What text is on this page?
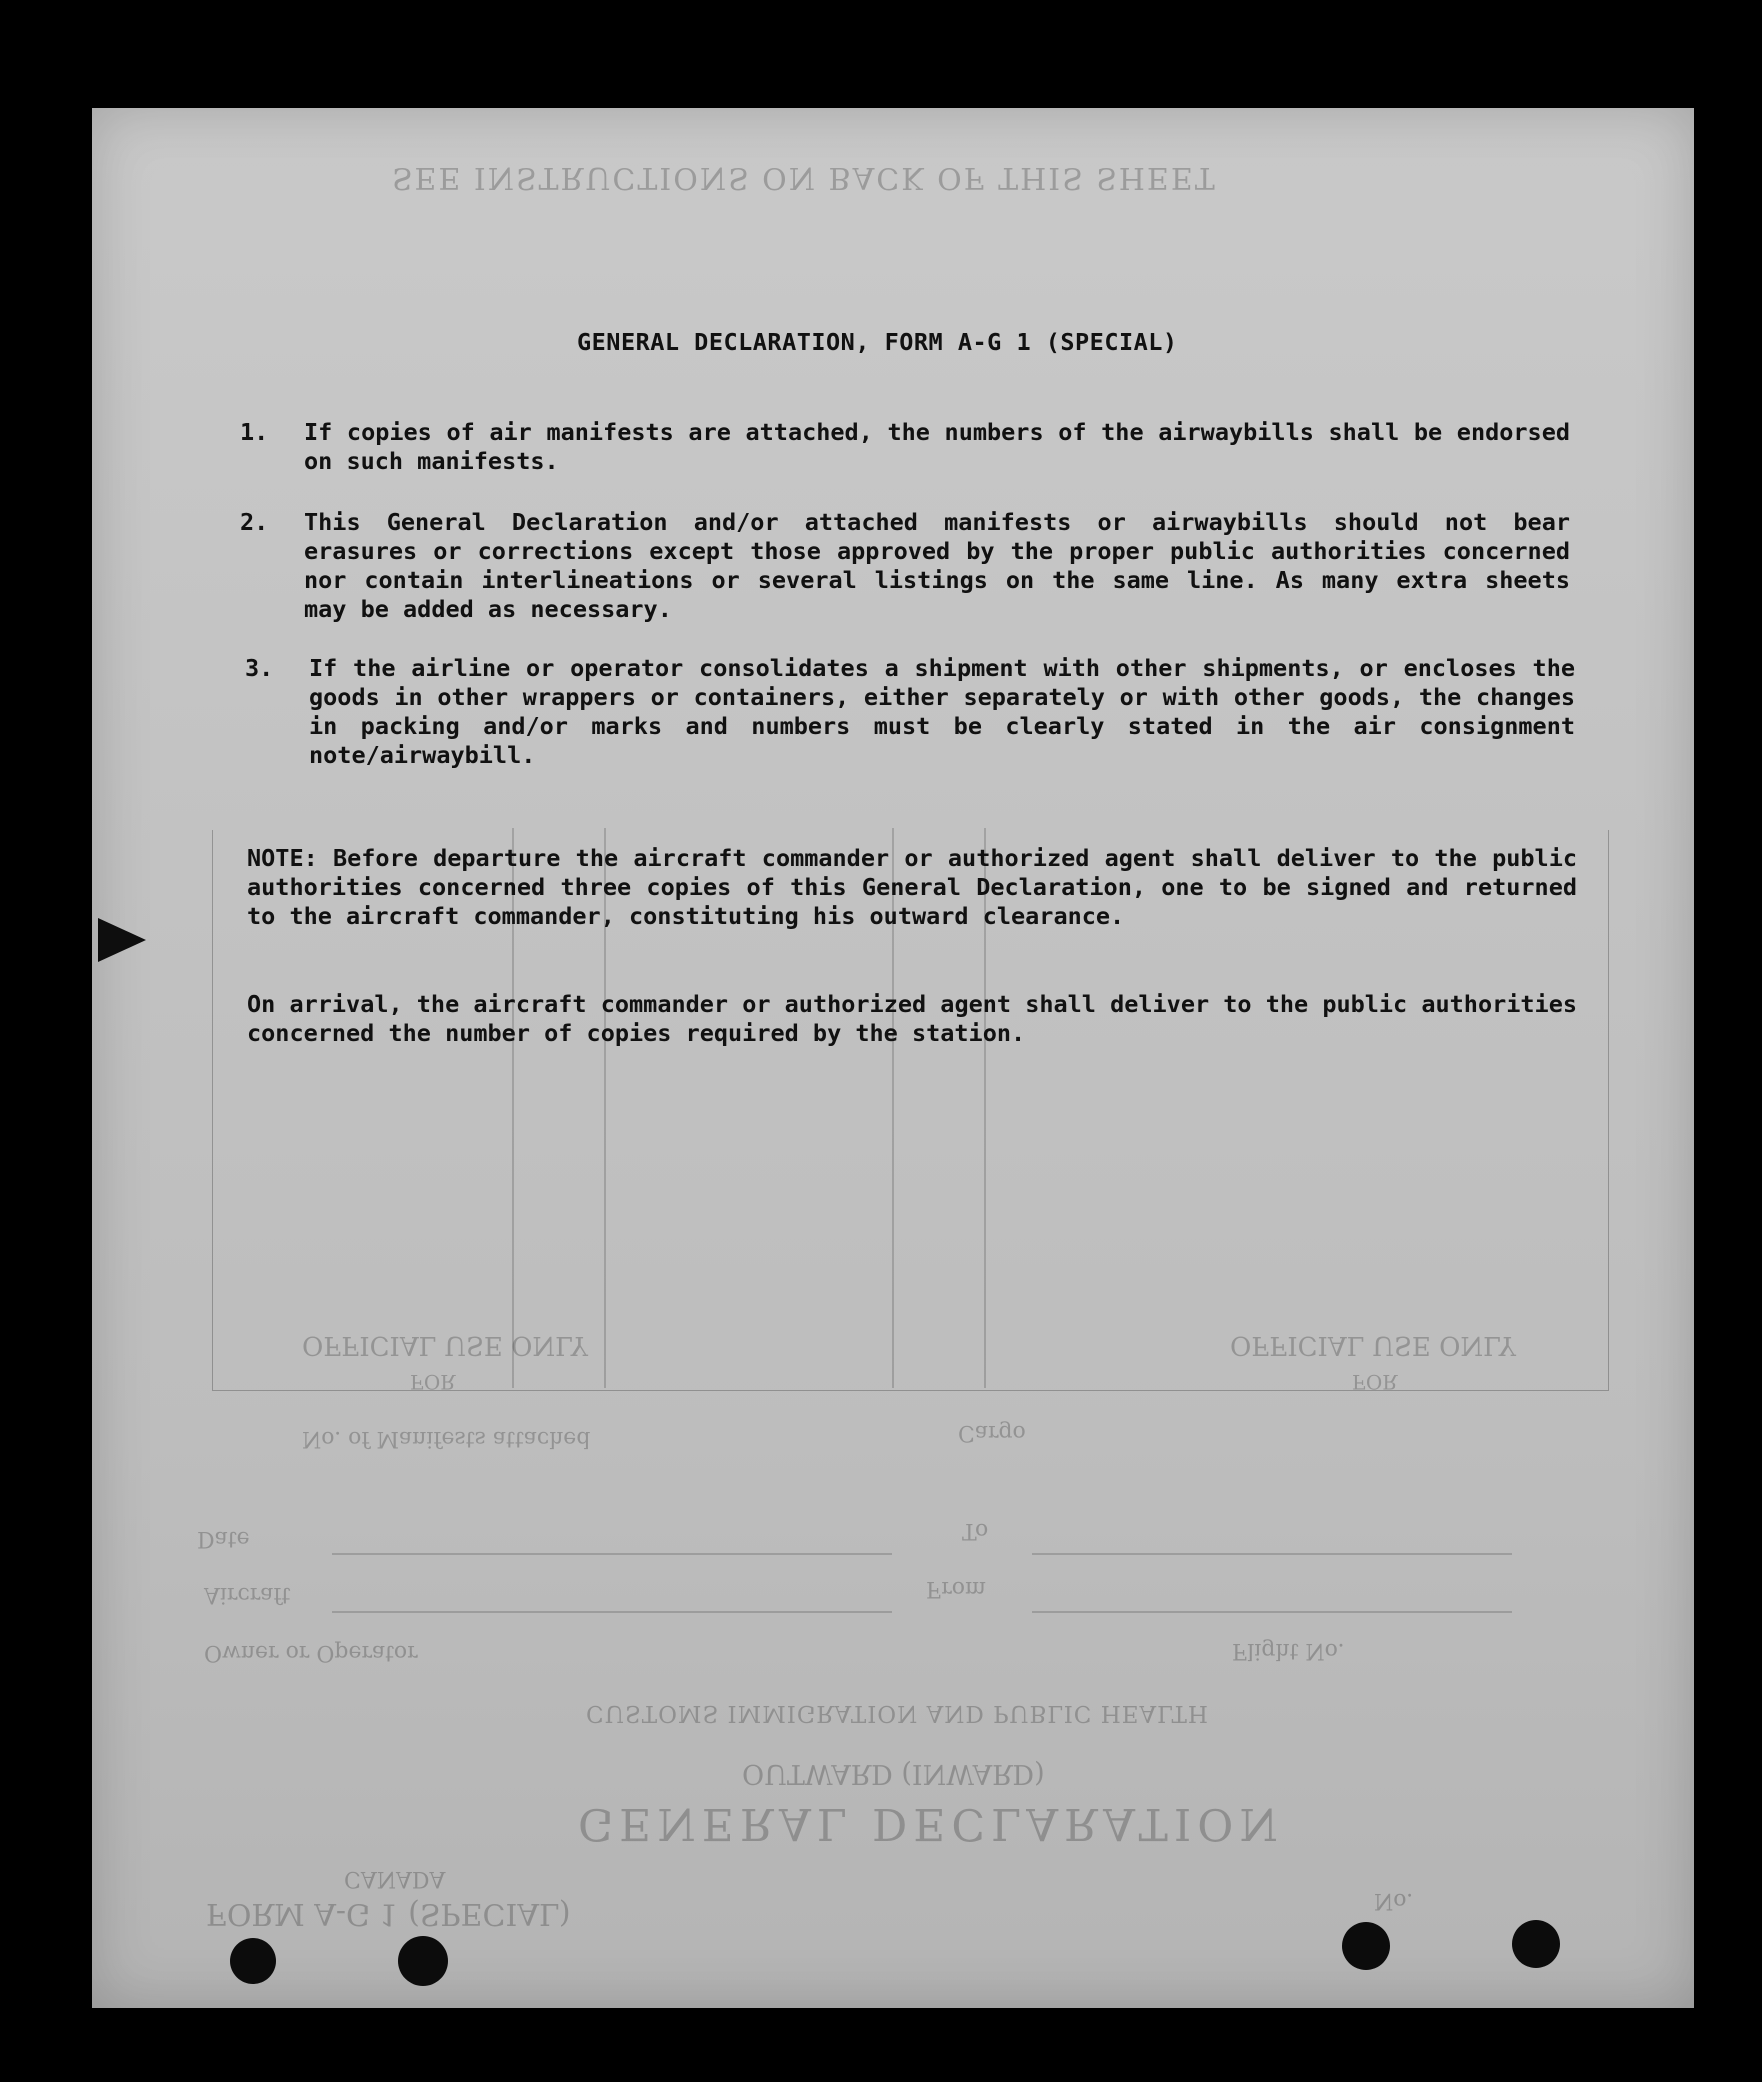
SEE INSTRUCTIONS ON BACK OF THIS SHEET
OFFICIAL USE ONLY
FOR
OFFICIAL USE ONLY
FOR
No. of Manifests attached	Cargo
Date	To
Aircraft	From
Owner or Operator	Flight No.
CUSTOMS IMMIGRATION AND PUBLIC HEALTH
OUTWARD (INWARD)
GENERAL DECLARATION
CANADA
FORM A-G 1 (SPECIAL)	No.
GENERAL DECLARATION, FORM A-G 1 (SPECIAL)
1. If copies of air manifests are attached, the numbers of the airwaybills shall be endorsed on such manifests.
2. This General Declaration and/or attached manifests or airwaybills should not bear erasures or corrections except those approved by the proper public authorities concerned nor contain interlineations or several listings on the same line. As many extra sheets may be added as necessary.
3. If the airline or operator consolidates a shipment with other shipments, or encloses the goods in other wrappers or containers, either separately or with other goods, the changes in packing and/or marks and numbers must be clearly stated in the air consignment note/airwaybill.
NOTE: Before departure the aircraft commander or authorized agent shall deliver to the public authorities concerned three copies of this General Declaration, one to be signed and returned to the aircraft commander, constituting his outward clearance.
On arrival, the aircraft commander or authorized agent shall deliver to the public authorities concerned the number of copies required by the station.
